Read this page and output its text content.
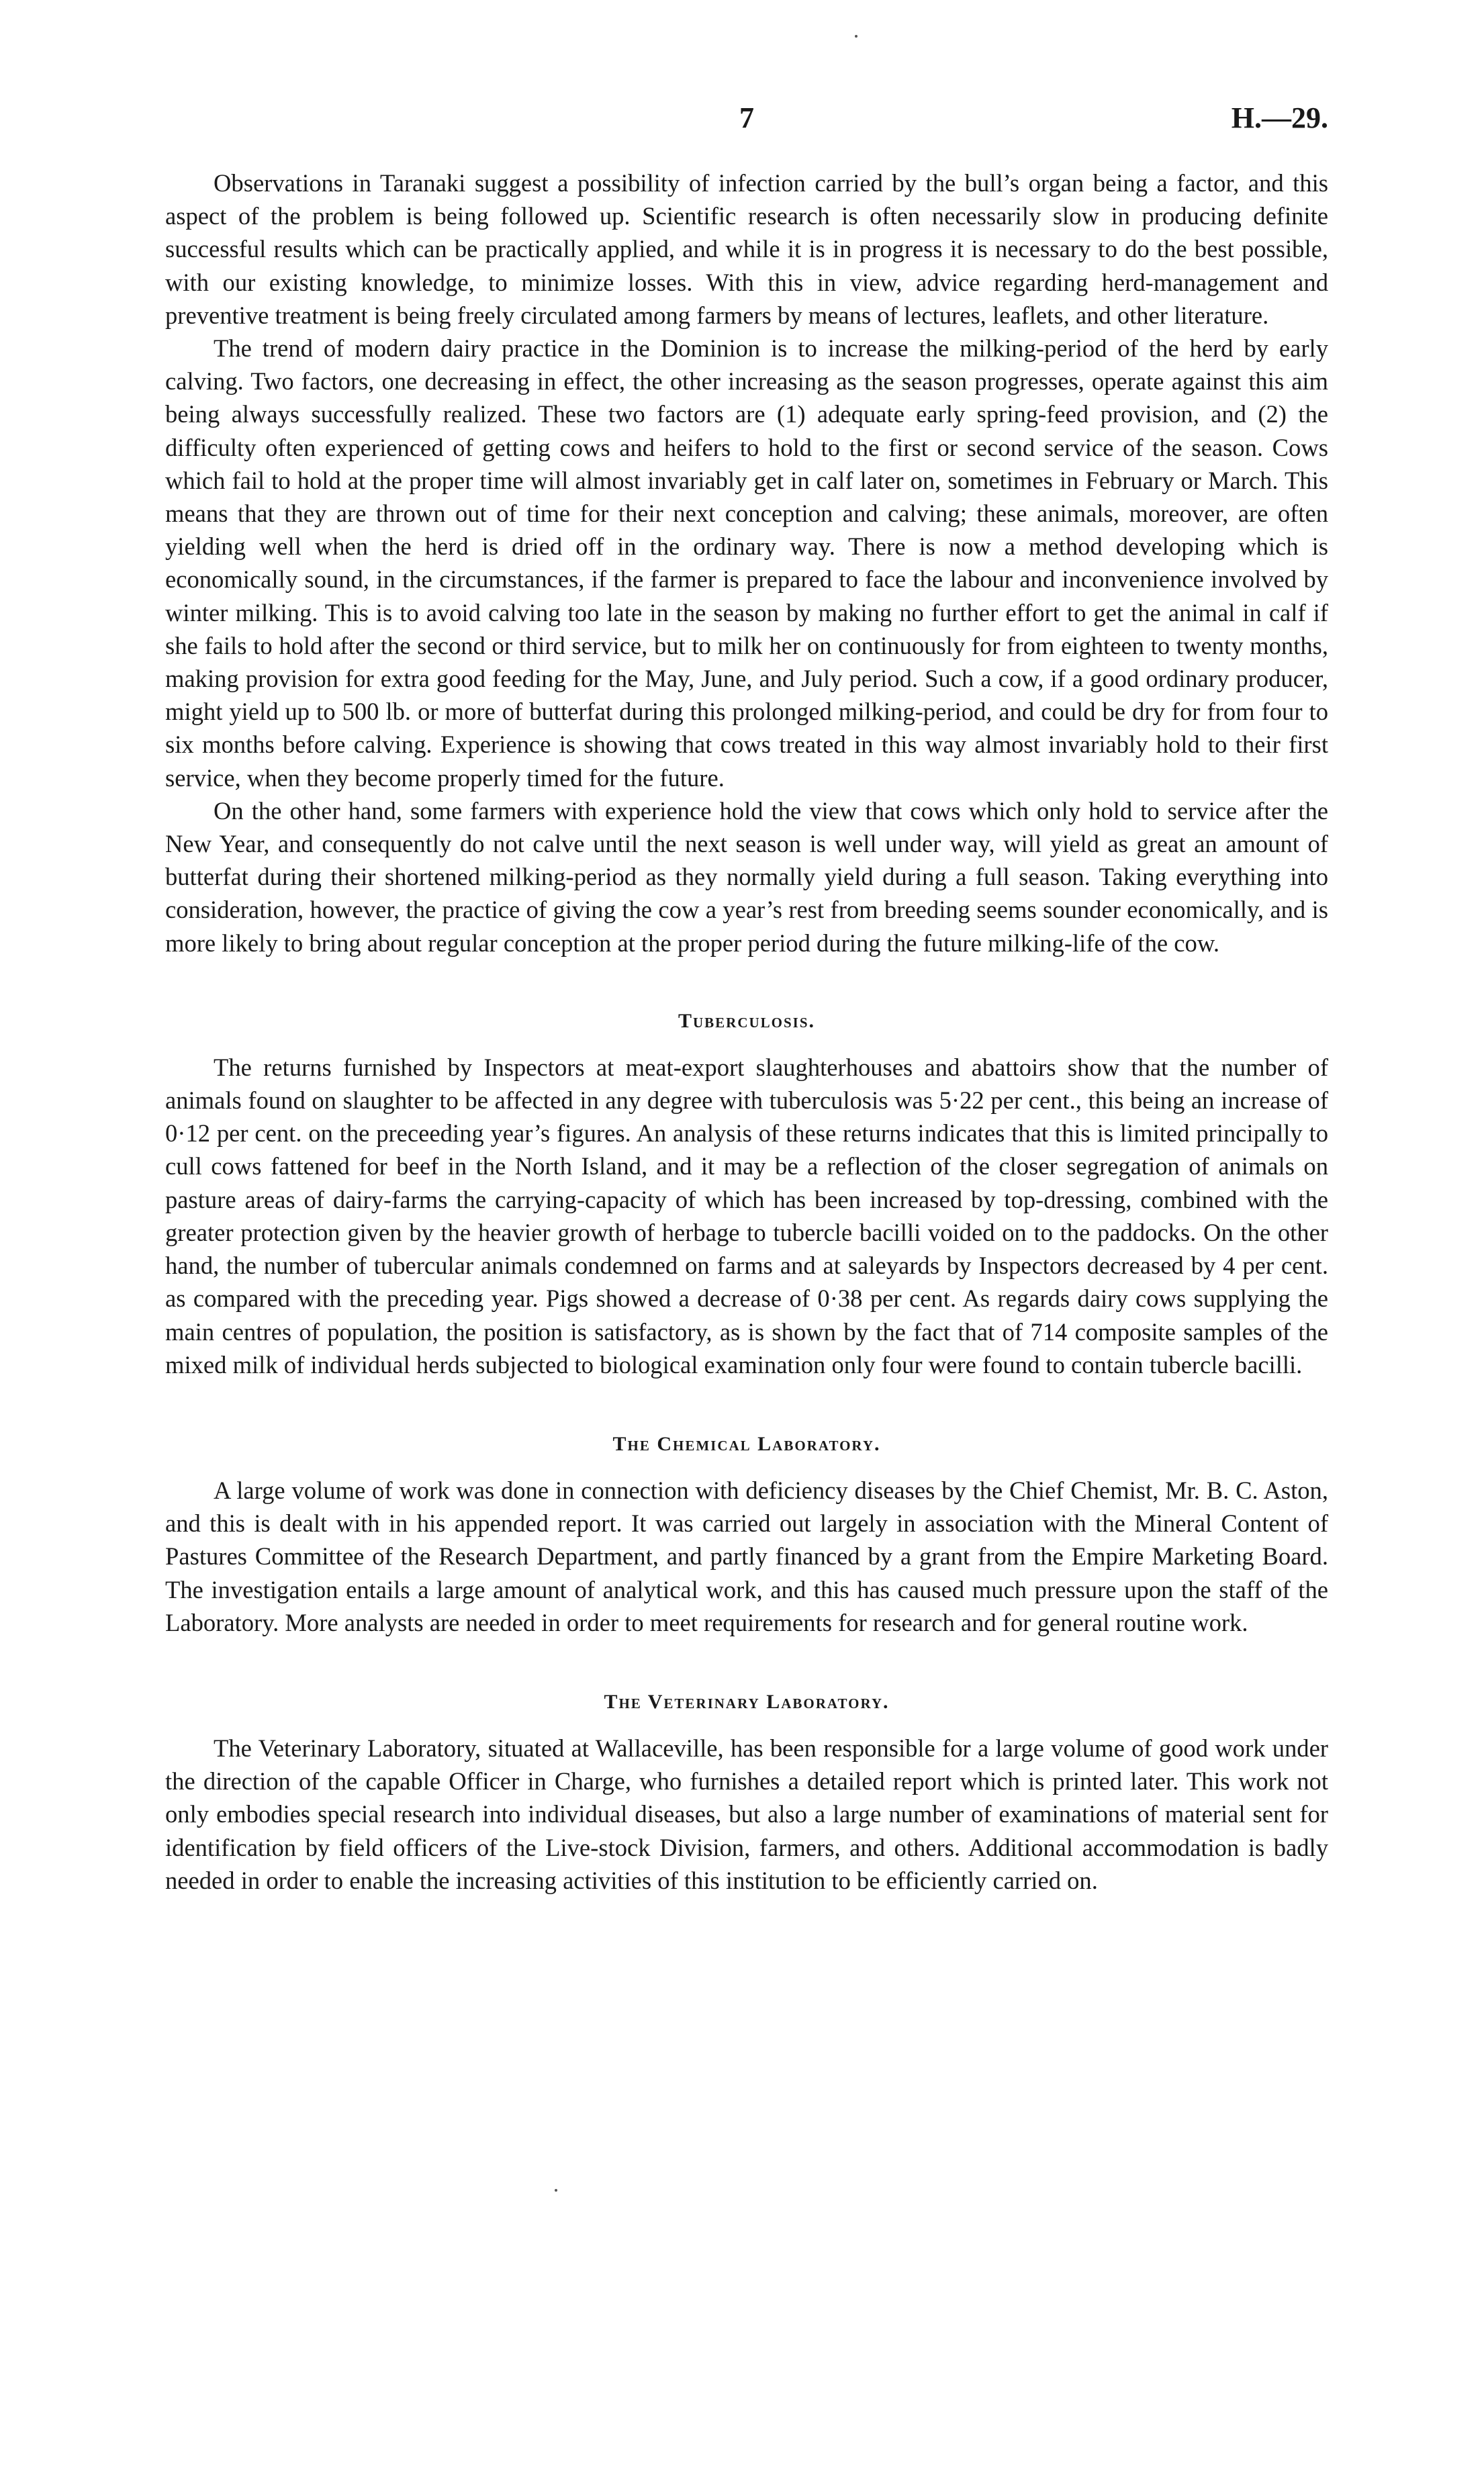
7	H.—29.

Observations in Taranaki suggest a possibility of infection carried by the bull’s organ being a factor, and this aspect of the problem is being followed up. Scientific research is often necessarily slow in producing definite successful results which can be practically applied, and while it is in progress it is necessary to do the best possible, with our existing knowledge, to minimize losses. With this in view, advice regarding herd-management and preventive treatment is being freely circulated among farmers by means of lectures, leaflets, and other literature.

The trend of modern dairy practice in the Dominion is to increase the milking-period of the herd by early calving. Two factors, one decreasing in effect, the other increasing as the season progresses, operate against this aim being always successfully realized. These two factors are (1) adequate early spring-feed provision, and (2) the difficulty often experienced of getting cows and heifers to hold to the first or second service of the season. Cows which fail to hold at the proper time will almost invariably get in calf later on, sometimes in February or March. This means that they are thrown out of time for their next conception and calving; these animals, moreover, are often yielding well when the herd is dried off in the ordinary way. There is now a method developing which is economically sound, in the circumstances, if the farmer is prepared to face the labour and inconvenience involved by winter milking. This is to avoid calving too late in the season by making no further effort to get the animal in calf if she fails to hold after the second or third service, but to milk her on continuously for from eighteen to twenty months, making provision for extra good feeding for the May, June, and July period. Such a cow, if a good ordinary producer, might yield up to 500 lb. or more of butterfat during this prolonged milking-period, and could be dry for from four to six months before calving. Experience is showing that cows treated in this way almost invariably hold to their first service, when they become properly timed for the future.

On the other hand, some farmers with experience hold the view that cows which only hold to service after the New Year, and consequently do not calve until the next season is well under way, will yield as great an amount of butterfat during their shortened milking-period as they normally yield during a full season. Taking everything into consideration, however, the practice of giving the cow a year’s rest from breeding seems sounder economically, and is more likely to bring about regular conception at the proper period during the future milking-life of the cow.

Tuberculosis.

The returns furnished by Inspectors at meat-export slaughterhouses and abattoirs show that the number of animals found on slaughter to be affected in any degree with tuberculosis was 5·22 per cent., this being an increase of 0·12 per cent. on the preceeding year’s figures. An analysis of these returns indicates that this is limited principally to cull cows fattened for beef in the North Island, and it may be a reflection of the closer segregation of animals on pasture areas of dairy-farms the carrying-capacity of which has been increased by top-dressing, combined with the greater protection given by the heavier growth of herbage to tubercle bacilli voided on to the paddocks. On the other hand, the number of tubercular animals condemned on farms and at saleyards by Inspectors decreased by 4 per cent. as compared with the preceding year. Pigs showed a decrease of 0·38 per cent. As regards dairy cows supplying the main centres of population, the position is satisfactory, as is shown by the fact that of 714 composite samples of the mixed milk of individual herds subjected to biological examination only four were found to contain tubercle bacilli.

The Chemical Laboratory.

A large volume of work was done in connection with deficiency diseases by the Chief Chemist, Mr. B. C. Aston, and this is dealt with in his appended report. It was carried out largely in association with the Mineral Content of Pastures Committee of the Research Department, and partly financed by a grant from the Empire Marketing Board. The investigation entails a large amount of analytical work, and this has caused much pressure upon the staff of the Laboratory. More analysts are needed in order to meet requirements for research and for general routine work.

The Veterinary Laboratory.

The Veterinary Laboratory, situated at Wallaceville, has been responsible for a large volume of good work under the direction of the capable Officer in Charge, who furnishes a detailed report which is printed later. This work not only embodies special research into individual diseases, but also a large number of examinations of material sent for identification by field officers of the Live-stock Division, farmers, and others. Additional accommodation is badly needed in order to enable the increasing activities of this institution to be efficiently carried on.
